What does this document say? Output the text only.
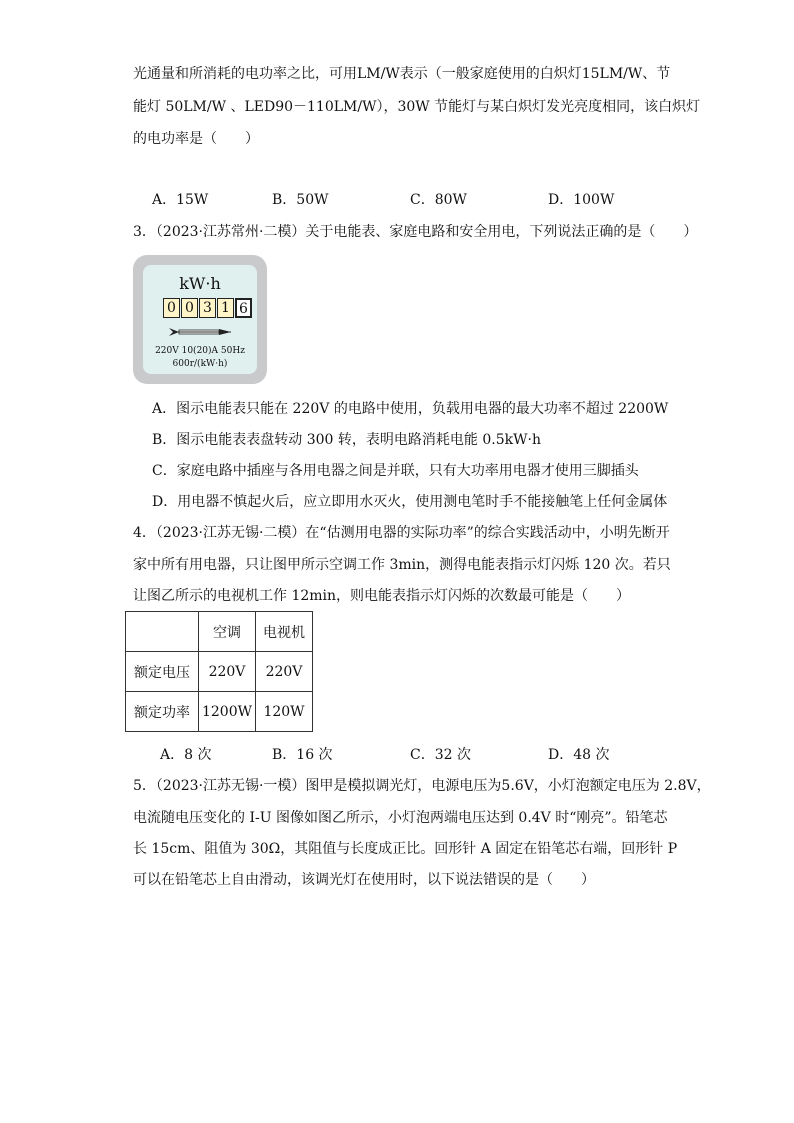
光通量和所消耗的电功率之比，可用LM/W表示（一般家庭使用的白炽灯15LM/W、节
能灯 50LM/W 、LED90－110LM/W），30W 节能灯与某白炽灯发光亮度相同，该白炽灯
的电功率是（　　）
A．15W	B．50W	C．80W	D．100W
3．（2023·江苏常州·二模）关于电能表、家庭电路和安全用电，下列说法正确的是（　　）
kW·h
0 0 3 1 6
220V 10(20)A 50Hz
600r/(kW·h)
A．图示电能表只能在 220V 的电路中使用，负载用电器的最大功率不超过 2200W
B．图示电能表表盘转动 300 转，表明电路消耗电能 0.5kW·h
C．家庭电路中插座与各用电器之间是并联，只有大功率用电器才使用三脚插头
D．用电器不慎起火后，应立即用水灭火，使用测电笔时手不能接触笔上任何金属体
4．（2023·江苏无锡·二模）在“估测用电器的实际功率”的综合实践活动中，小明先断开
家中所有用电器，只让图甲所示空调工作 3min，测得电能表指示灯闪烁 120 次。若只
让图乙所示的电视机工作 12min，则电能表指示灯闪烁的次数最可能是（　　）
	空调	电视机
额定电压	220V	220V
额定功率	1200W	120W
A．8 次	B．16 次	C．32 次	D．48 次
5．（2023·江苏无锡·一模）图甲是模拟调光灯，电源电压为5.6V，小灯泡额定电压为 2.8V，
电流随电压变化的 I-U 图像如图乙所示，小灯泡两端电压达到 0.4V 时“刚亮”。铅笔芯
长 15cm、阻值为 30Ω，其阻值与长度成正比。回形针 A 固定在铅笔芯右端，回形针 P
可以在铅笔芯上自由滑动，该调光灯在使用时，以下说法错误的是（　　）
